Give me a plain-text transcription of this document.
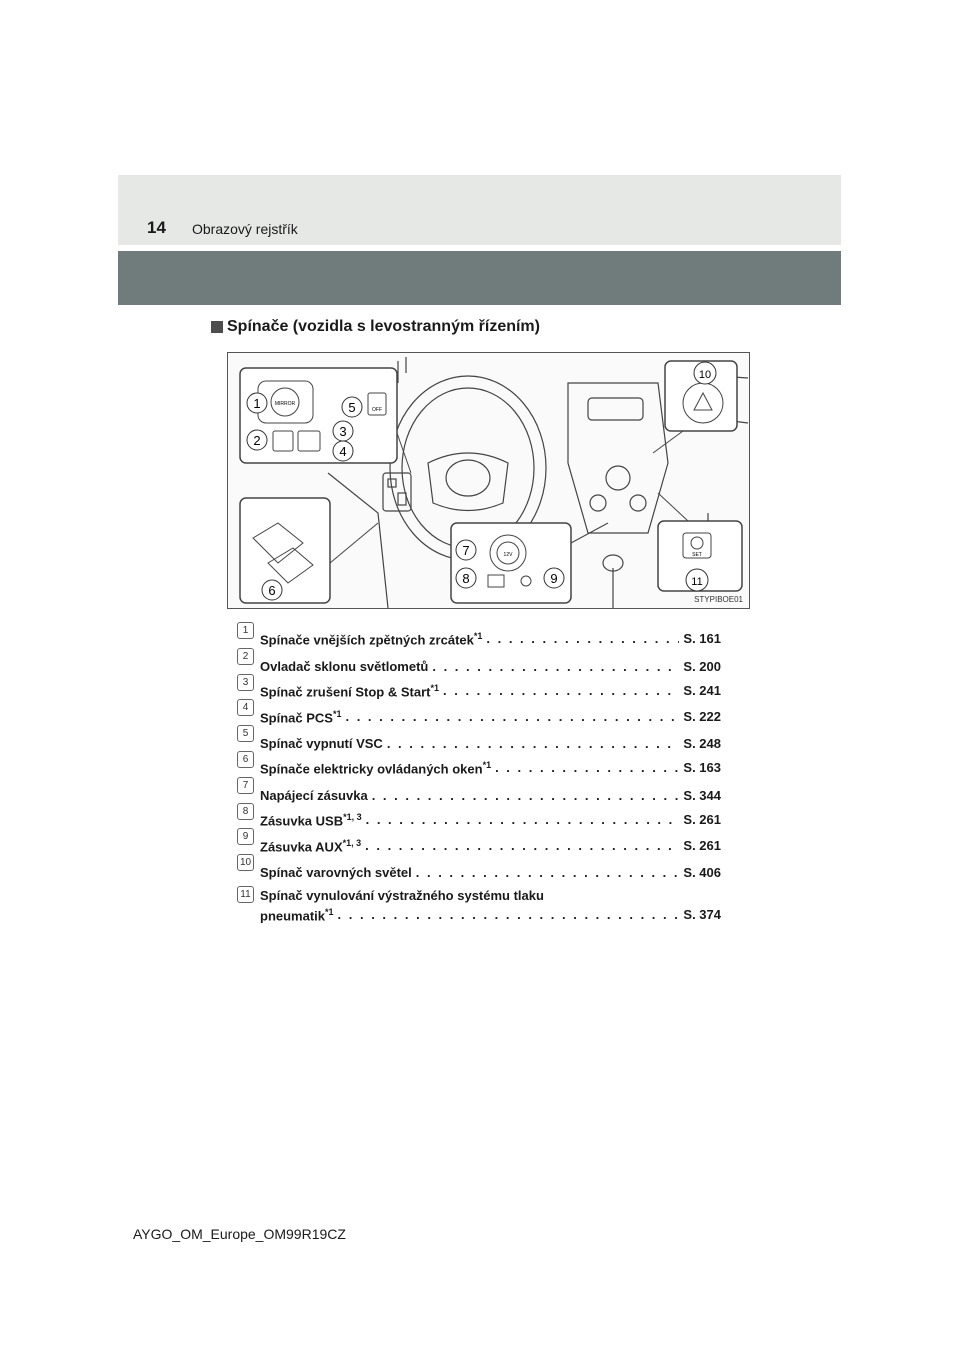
14 Obrazový rejstřík
Spínače (vozidla s levostranným řízením)
MIRROR
OFF
12V	SET
1
2
3
4
5
6
7
8	9
10
11
STYPIBOE01
1
Spínače vnějších zpětných zrcátek$^{*1}$ . . .	S. 161
2
Ovladač sklonu světlometů . . .	S. 200
3
Spínač zrušení Stop & Start$^{*1}$ . . .	S. 241
4
Spínač PCS$^{*1}$ . . .	S. 222
5
Spínač vypnutí VSC . . .	S. 248
6
Spínače elektricky ovládaných oken$^{*1}$ . . .	S. 163
7
Napájecí zásuvka . . .	S. 344
8
Zásuvka USB$^{*1, 3}$ . . .	S. 261
9
Zásuvka AUX$^{*1, 3}$ . . .	S. 261
10
Spínač varovných světel . . .	S. 406
11 Spínač vynulování výstražného systému tlaku
pneumatik$^{*1}$ . . .	S. 374
AYGO_OM_Europe_OM99R19CZ
